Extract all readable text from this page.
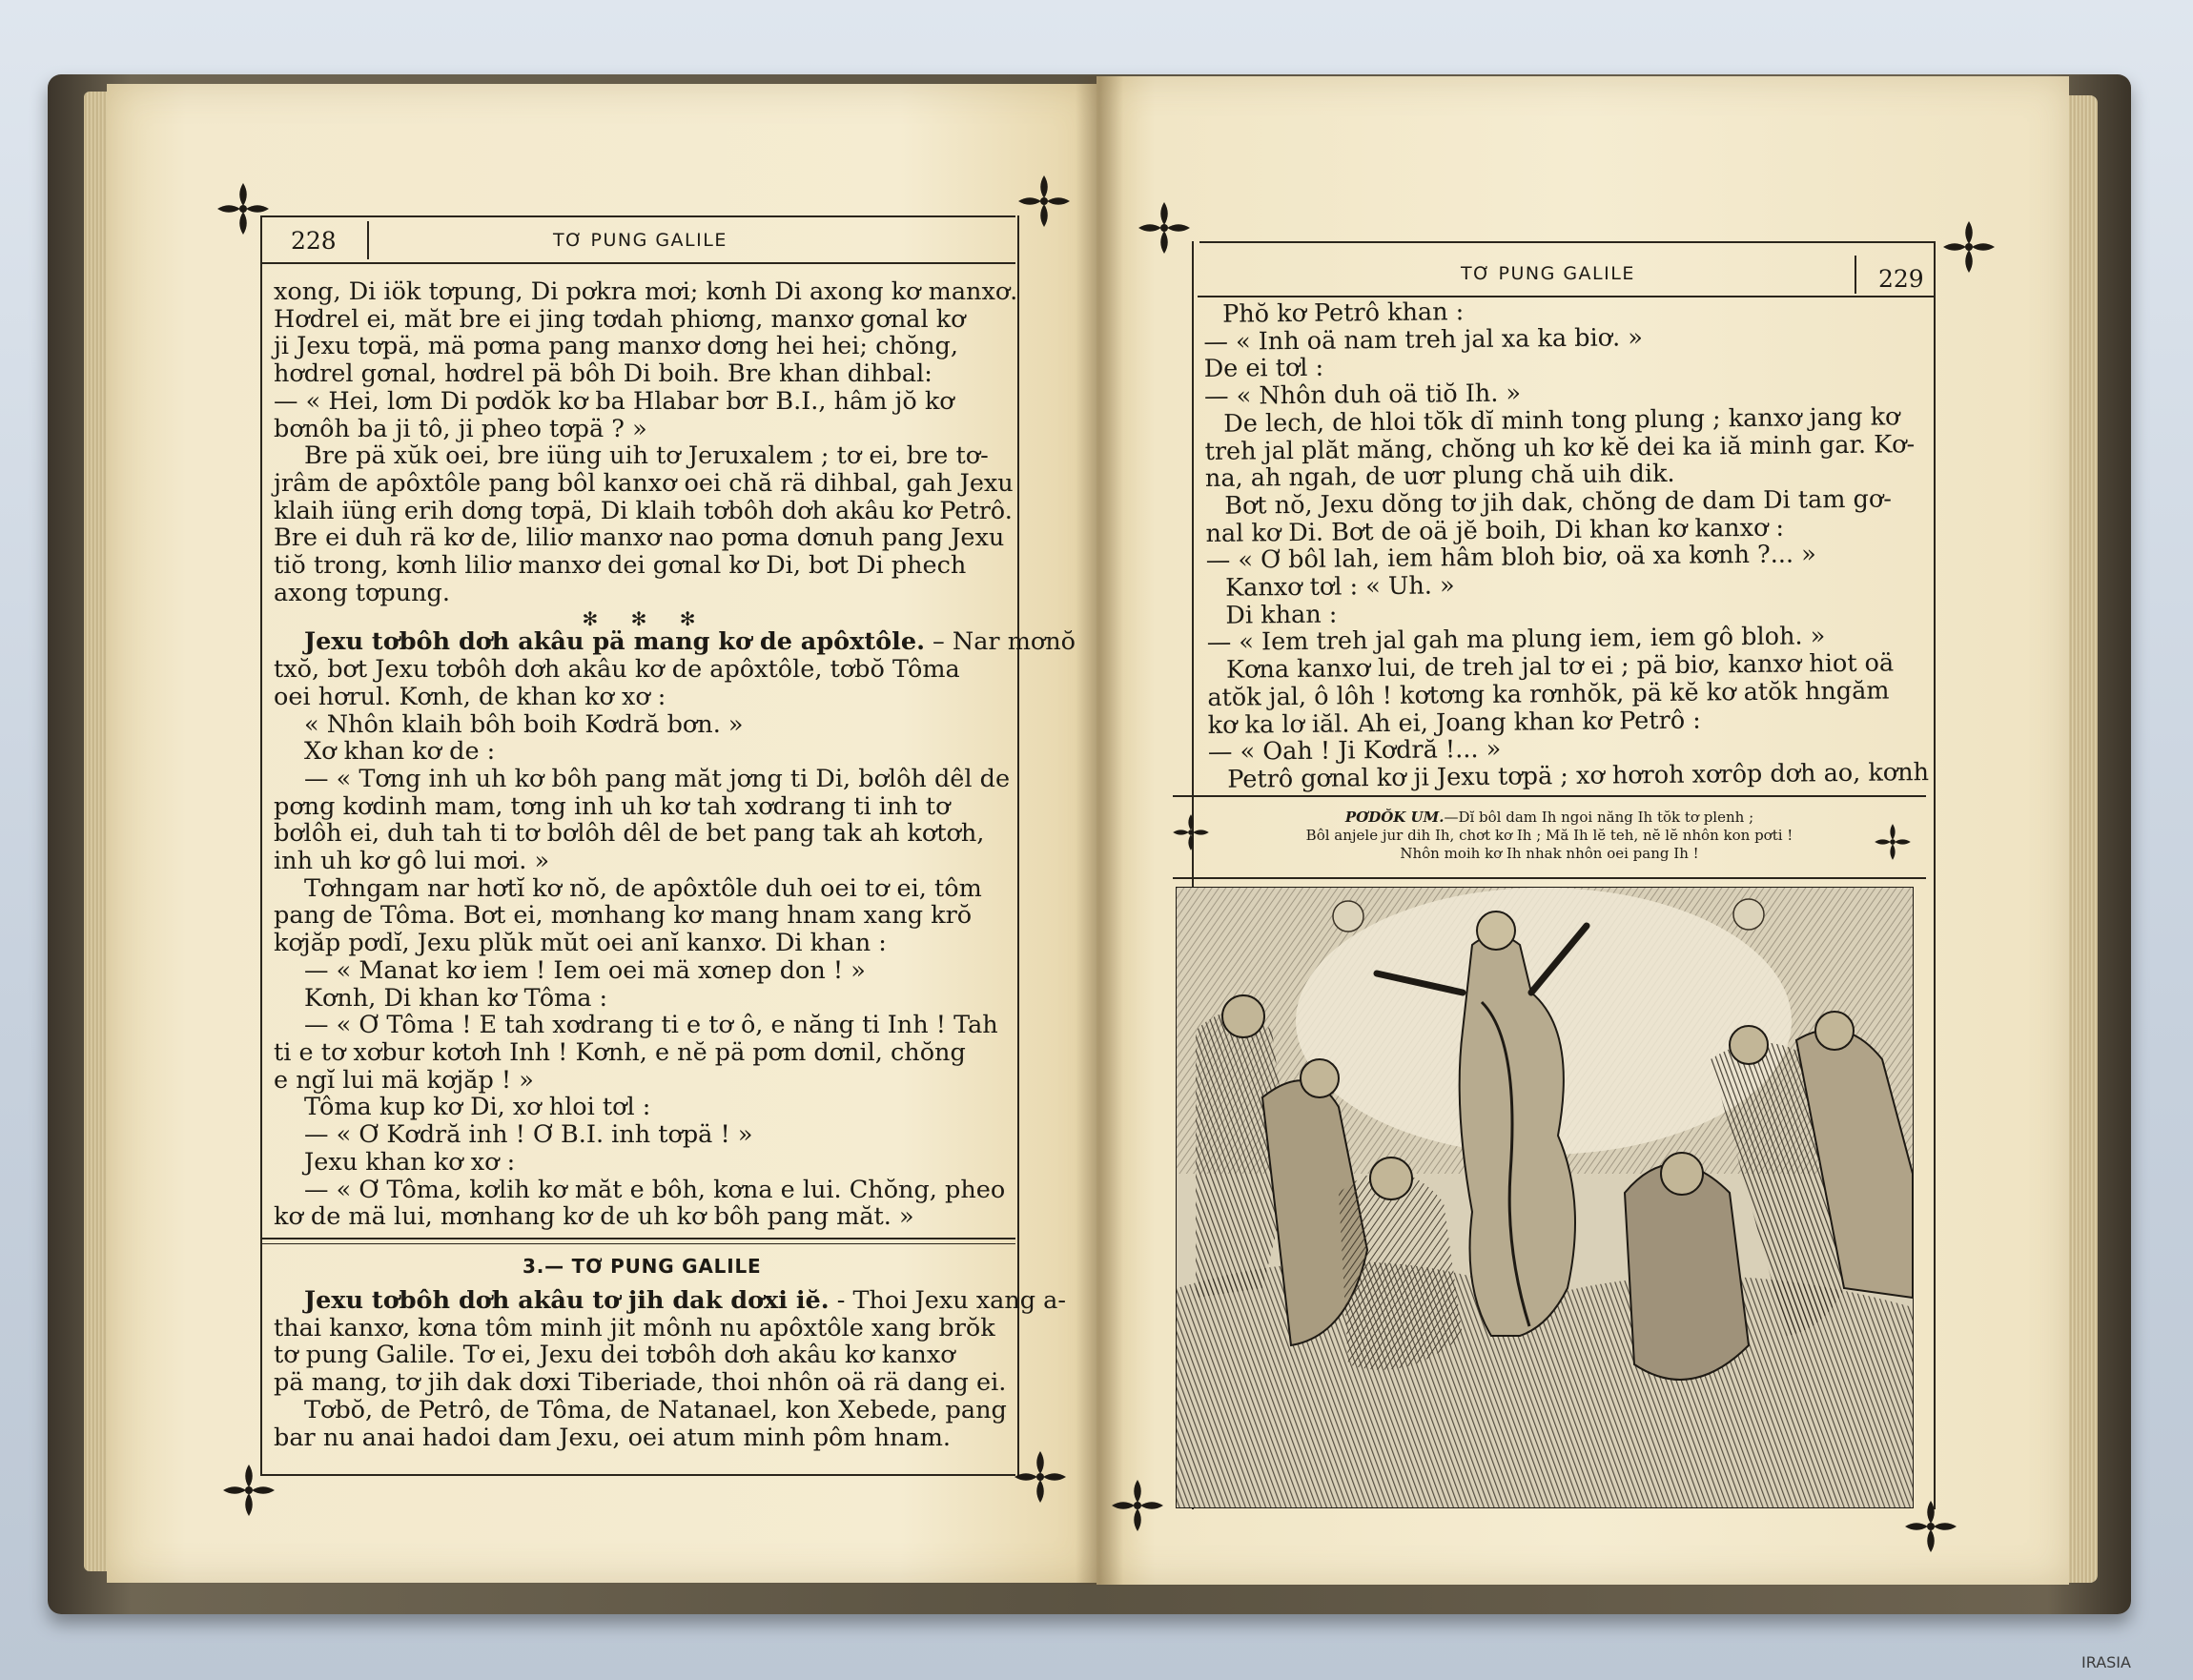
228	TƠ PUNG GALILE

xong, Di iök tơpung, Di pơkra mơi; kơnh Di axong kơ manxơ.

Hơdrel ei, măt bre ei jing tơdah phiơng, manxơ gơnal kơ

ji Jexu tơpä, mä pơma pang manxơ dơng hei hei; chŏng,

hơdrel gơnal, hơdrel pä bôh Di boih. Bre khan dihbal:

— « Hei, lơm Di pơdŏk kơ ba Hlabar bơr B.I., hâm jŏ kơ

bơnôh ba ji tô, ji pheo tơpä ? »

Bre pä xŭk oei, bre iüng uih tơ Jeruxalem ; tơ ei, bre tơ-

jrâm de apôxtôle pang bôl kanxơ oei chă rä dihbal, gah Jexu

klaih iüng erih dơng tơpä, Di klaih tơbôh dơh akâu kơ Petrô.

Bre ei duh rä kơ de, liliơ manxơ nao pơma dơnuh pang Jexu

tiŏ trong, kơnh liliơ manxơ dei gơnal kơ Di, bơt Di phech

axong tơpung.

✻ ✻ ✻

Jexu tơbôh dơh akâu pä mang kơ de apôxtôle. – Nar mơnŏ

txŏ, bơt Jexu tơbôh dơh akâu kơ de apôxtôle, tơbŏ Tôma

oei hơrul. Kơnh, de khan kơ xơ :

« Nhôn klaih bôh boih Kơdră bơn. »

Xơ khan kơ de :

— « Tơng inh uh kơ bôh pang măt jơng ti Di, bơlôh dêl de

pơng kơdinh mam, tơng inh uh kơ tah xơdrang ti inh tơ

bơlôh ei, duh tah ti tơ bơlôh dêl de bet pang tak ah kơtơh,

inh uh kơ gô lui mơi. »

Tơhngam nar hơtĭ kơ nŏ, de apôxtôle duh oei tơ ei, tôm

pang de Tôma. Bơt ei, mơnhang kơ mang hnam xang krŏ

kơjăp pơdĭ, Jexu plŭk mŭt oei anĭ kanxơ. Di khan :

— « Manat kơ iem ! Iem oei mä xơnep don ! »

Kơnh, Di khan kơ Tôma :

— « Ơ Tôma ! E tah xơdrang ti e tơ ô, e năng ti Inh ! Tah

ti e tơ xơbur kơtơh Inh ! Kơnh, e nĕ pä pơm dơnil, chŏng

e ngĭ lui mä kơjăp ! »

Tôma kup kơ Di, xơ hloi tơl :

— « Ơ Kơdră inh ! Ơ B.I. inh tơpä ! »

Jexu khan kơ xơ :

— « Ơ Tôma, kơlih kơ măt e bôh, kơna e lui. Chŏng, pheo

kơ de mä lui, mơnhang kơ de uh kơ bôh pang măt. »

3.— TƠ PUNG GALILE

Jexu tơbôh dơh akâu tơ jih dak dơxi iĕ. - Thoi Jexu xang a-

thai kanxơ, kơna tôm minh jit mônh nu apôxtôle xang brŏk

tơ pung Galile. Tơ ei, Jexu dei tơbôh dơh akâu kơ kanxơ

pä mang, tơ jih dak dơxi Tiberiade, thoi nhôn oä rä dang ei.

Tơbŏ, de Petrô, de Tôma, de Natanael, kon Xebede, pang

bar nu anai hadoi dam Jexu, oei atum minh pôm hnam.

TƠ PUNG GALILE	229

Phŏ kơ Petrô khan :

— « Inh oä nam treh jal xa ka biơ. »

De ei tơl :

— « Nhôn duh oä tiŏ Ih. »

De lech, de hloi tŏk dĭ minh tong plung ; kanxơ jang kơ

treh jal plăt măng, chŏng uh kơ kĕ dei ka iă minh gar. Kơ-

na, ah ngah, de uơr plung chă uih dik.

Bơt nŏ, Jexu dŏng tơ jih dak, chŏng de dam Di tam gơ-

nal kơ Di. Bơt de oä jĕ boih, Di khan kơ kanxơ :

— « Ơ bôl lah, iem hâm bloh biơ, oä xa kơnh ?... »

Kanxơ tơl : « Uh. »

Di khan :

— « Iem treh jal gah ma plung iem, iem gô bloh. »

Kơna kanxơ lui, de treh jal tơ ei ; pä biơ, kanxơ hiot oä

atŏk jal, ô lôh ! kơtơng ka rơnhŏk, pä kĕ kơ atŏk hngăm

kơ ka lơ iăl. Ah ei, Joang khan kơ Petrô :

— « Oah ! Ji Kơdră !... »

Petrô gơnal kơ ji Jexu tơpä ; xơ hơroh xơrôp dơh ao, kơnh

PƠDŎK UM.—Dĭ bôl dam Ih ngoi năng Ih tŏk tơ plenh ;
Bôl anjele jur dih Ih, chơt kơ Ih ; Mă Ih lĕ teh, nĕ lĕ nhôn kon pơti !
Nhôn moih kơ Ih nhak nhôn oei pang Ih !
IRASIA
